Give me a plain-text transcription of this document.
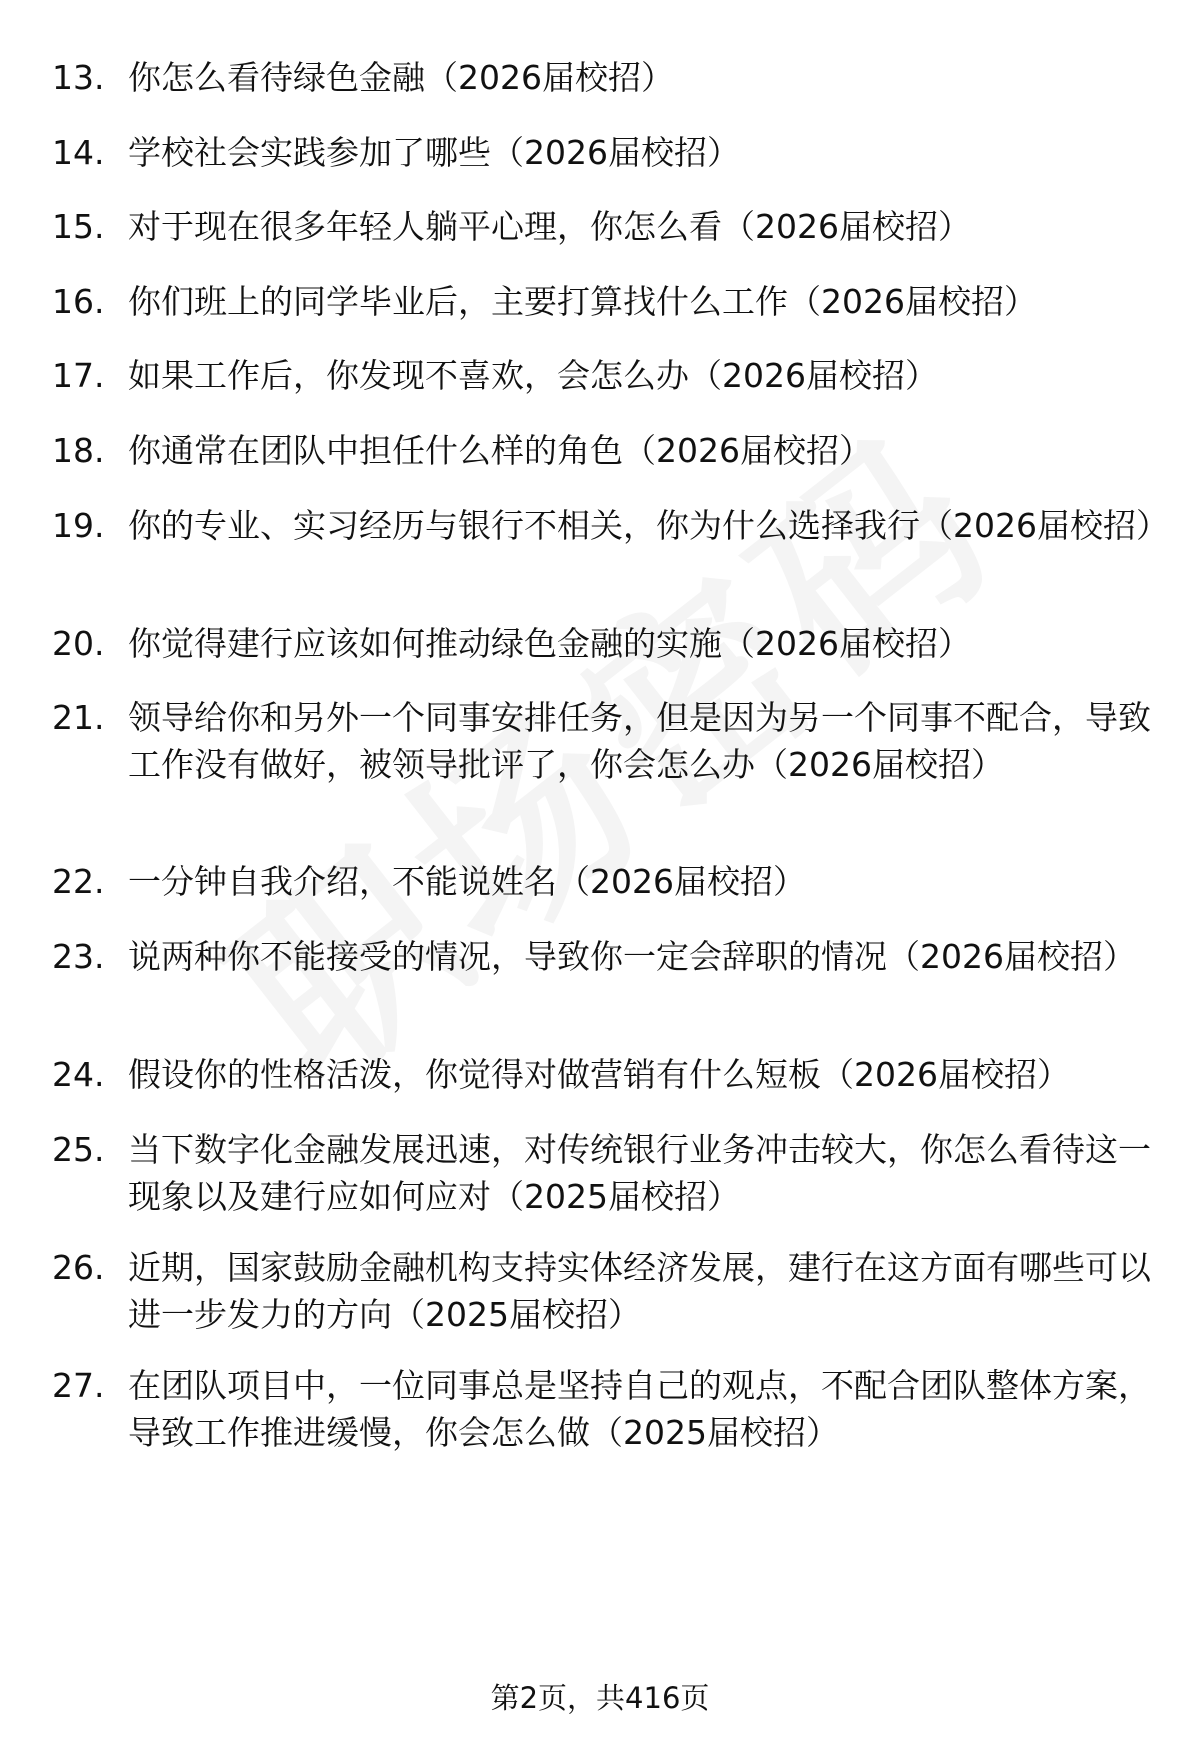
13. 你怎么看待绿色金融（2026届校招）
14. 学校社会实践参加了哪些（2026届校招）
15. 对于现在很多年轻人躺平心理，你怎么看（2026届校招）
16. 你们班上的同学毕业后，主要打算找什么工作（2026届校招）
17. 如果工作后，你发现不喜欢，会怎么办（2026届校招）
18. 你通常在团队中担任什么样的角色（2026届校招）
19. 你的专业、实习经历与银行不相关，你为什么选择我行（2026届校招）
20. 你觉得建行应该如何推动绿色金融的实施（2026届校招）
21. 领导给你和另外一个同事安排任务，但是因为另一个同事不配合，导致工作没有做好，被领导批评了，你会怎么办（2026届校招）
22. 一分钟自我介绍，不能说姓名（2026届校招）
23. 说两种你不能接受的情况，导致你一定会辞职的情况（2026届校招）
24. 假设你的性格活泼，你觉得对做营销有什么短板（2026届校招）
25. 当下数字化金融发展迅速，对传统银行业务冲击较大，你怎么看待这一现象以及建行应如何应对（2025届校招）
26. 近期，国家鼓励金融机构支持实体经济发展，建行在这方面有哪些可以进一步发力的方向（2025届校招）
27. 在团队项目中，一位同事总是坚持自己的观点，不配合团队整体方案，导致工作推进缓慢，你会怎么做（2025届校招）
第2页，共416页
